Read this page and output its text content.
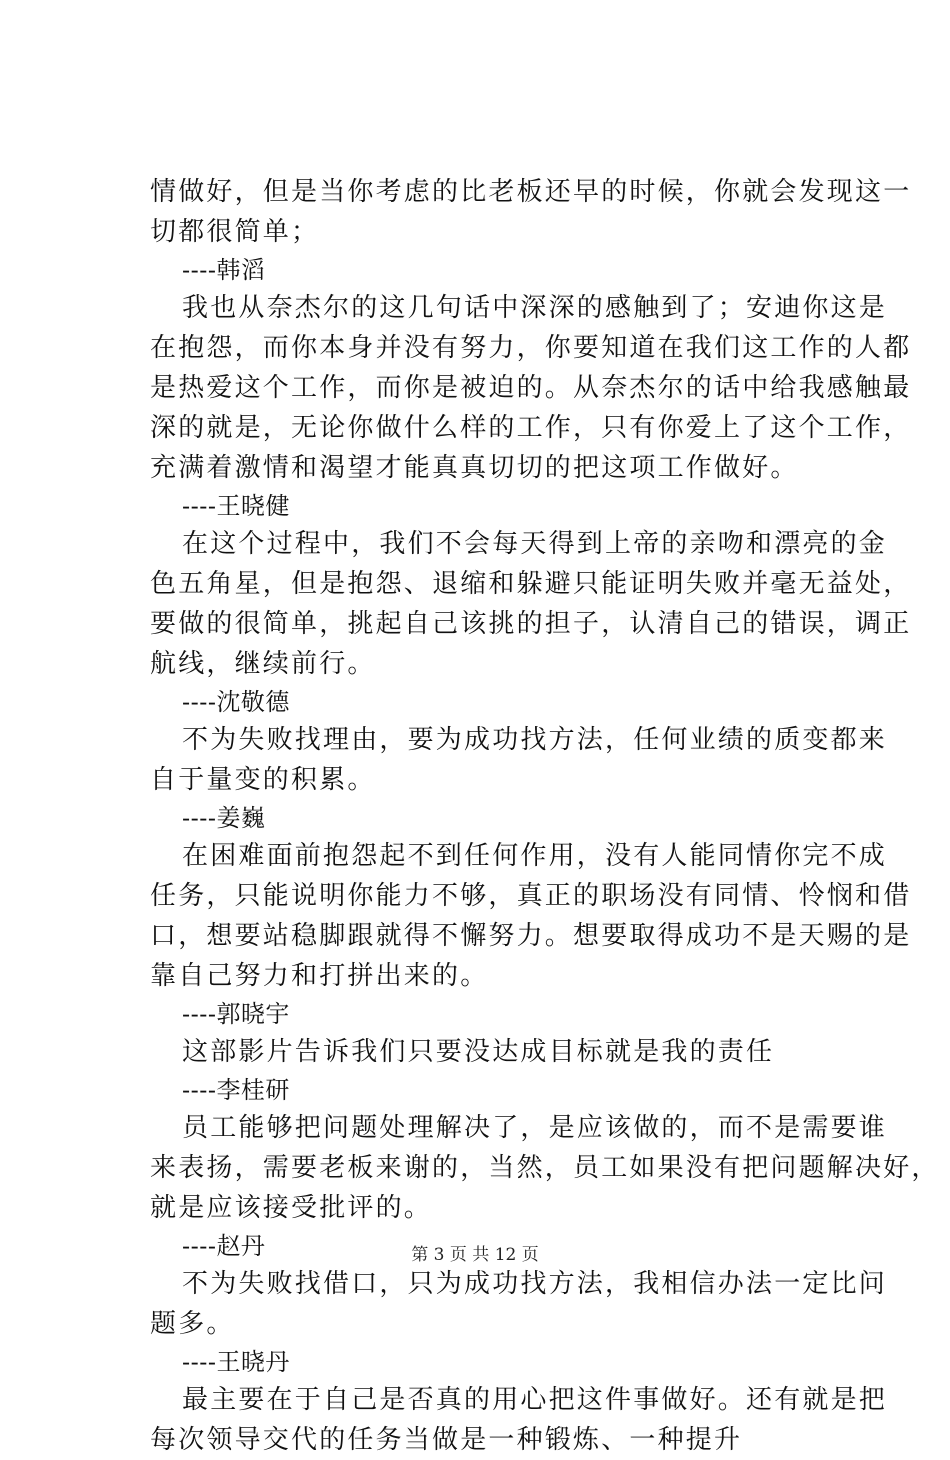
情做好，但是当你考虑的比老板还早的时候，你就会发现这一
切都很简单；
----韩滔
我也从奈杰尔的这几句话中深深的感触到了；安迪你这是
在抱怨，而你本身并没有努力，你要知道在我们这工作的人都
是热爱这个工作，而你是被迫的。从奈杰尔的话中给我感触最
深的就是，无论你做什么样的工作，只有你爱上了这个工作，
充满着激情和渴望才能真真切切的把这项工作做好。
----王晓健
在这个过程中，我们不会每天得到上帝的亲吻和漂亮的金
色五角星，但是抱怨、退缩和躲避只能证明失败并毫无益处，
要做的很简单，挑起自己该挑的担子，认清自己的错误，调正
航线，继续前行。
----沈敬德
不为失败找理由，要为成功找方法，任何业绩的质变都来
自于量变的积累。
----姜巍
在困难面前抱怨起不到任何作用，没有人能同情你完不成
任务，只能说明你能力不够，真正的职场没有同情、怜悯和借
口，想要站稳脚跟就得不懈努力。想要取得成功不是天赐的是
靠自己努力和打拼出来的。
----郭晓宇
这部影片告诉我们只要没达成目标就是我的责任
----李桂研
员工能够把问题处理解决了，是应该做的，而不是需要谁
来表扬，需要老板来谢的，当然，员工如果没有把问题解决好，
就是应该接受批评的。
----赵丹
不为失败找借口，只为成功找方法，我相信办法一定比问
题多。
----王晓丹
最主要在于自己是否真的用心把这件事做好。还有就是把
每次领导交代的任务当做是一种锻炼、一种提升
第 3 页 共 12 页
